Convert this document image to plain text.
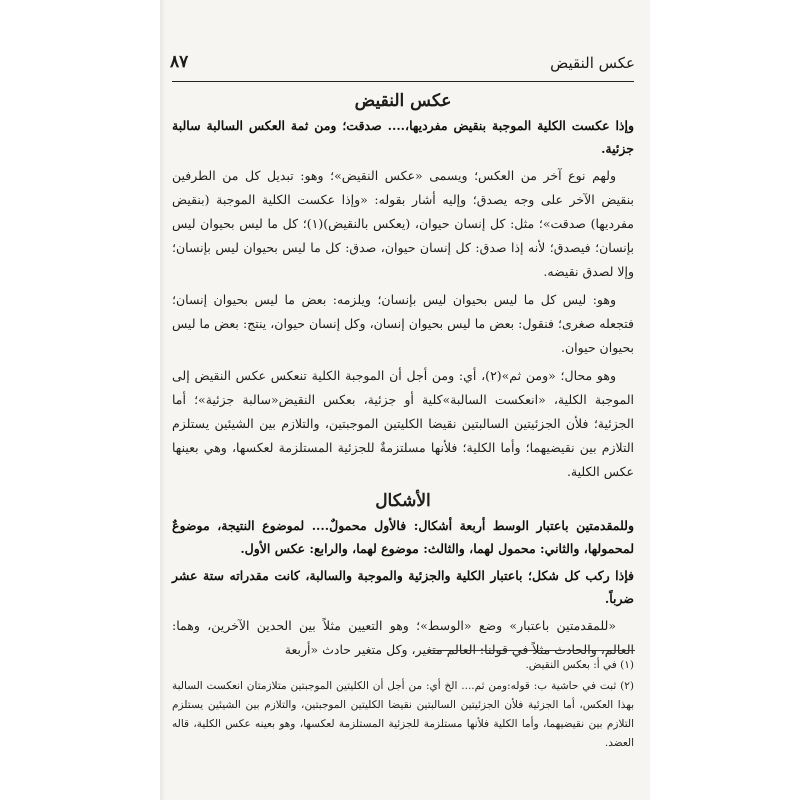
عكس النقيض
٨٧
عكس النقيض

وإذا عكست الكلية الموجبة بنقيض مفرديها،.... صدقت؛ ومن ثمة العكس السالبة سالبة جزئية.

ولهم نوع آخر من العكس؛ ويسمى «عكس النقيض»؛ وهو: تبديل كل من الطرفين بنقيض الآخر على وجه يصدق؛ وإليه أشار بقوله: «وإذا عكست الكلية الموجبة (بنقيض مفرديها) صدقت»؛ مثل: كل إنسان حيوان، (يعكس بالنقيض)(١)؛ كل ما ليس بحيوان ليس بإنسان؛ فيصدق؛ لأنه إذا صدق: كل إنسان حيوان، صدق: كل ما ليس بحيوان ليس بإنسان؛ وإلا لصدق نقيضه.

وهو: ليس كل ما ليس بحيوان ليس بإنسان؛ ويلزمه: بعض ما ليس بحيوان إنسان؛ فتجعله صغرى؛ فنقول: بعض ما ليس بحيوان إنسان، وكل إنسان حيوان، ينتج: بعض ما ليس بحيوان حيوان.

وهو محال؛ «ومن ثم»(٢)، أي: ومن أجل أن الموجبة الكلية تنعكس عكس النقيض إلى الموجبة الكلية، «انعكست السالبة»كلية أو جزئية، بعكس النقيض«سالبة جزئية»؛ أما الجزئية؛ فلأن الجزئيتين السالبتين نقيضا الكليتين الموجبتين، والتلازم بين الشيئين يستلزم التلازم بين نقيضيهما؛ وأما الكلية؛ فلأنها مسلتزمةٌ للجزئية المستلزمة لعكسها، وهي بعينها عكس الكلية.

الأشكال

وللمقدمتين باعتبار الوسط أربعة أشكال: فالأول محمولٌ.... لموضوع النتيجة، موضوعٌ لمحمولها، والثاني: محمول لهما، والثالث: موضوع لهما، والرابع: عكس الأول.

فإذا ركب كل شكل؛ باعتبار الكلية والجزئية والموجبة والسالبة، كانت مقدراته ستة عشر ضرباً.

«للمقدمتين باعتبار» وضع «الوسط»؛ وهو التعيين مثلاً بين الحدين الآخرين، وهما: العالم، والحادث مثلاً في قولنا: العالم متغير، وكل متغير حادث «أربعة

(١) في أ: بعكس النقيض.

(٢) ثبت في حاشية ب: قوله:ومن ثم.... الخ أي: من أجل أن الكليتين الموجبتين متلازمتان انعكست السالبة بهذا العكس، أما الجزئية فلأن الجزئيتين السالبتين نقيضا الكليتين الموجبتين، والتلازم بين الشيئين يستلزم التلازم بين نقيضيهما، وأما الكلية فلأنها مستلزمة للجزئية المستلزمة لعكسها، وهو بعينه عكس الكلية، قاله العضد.
